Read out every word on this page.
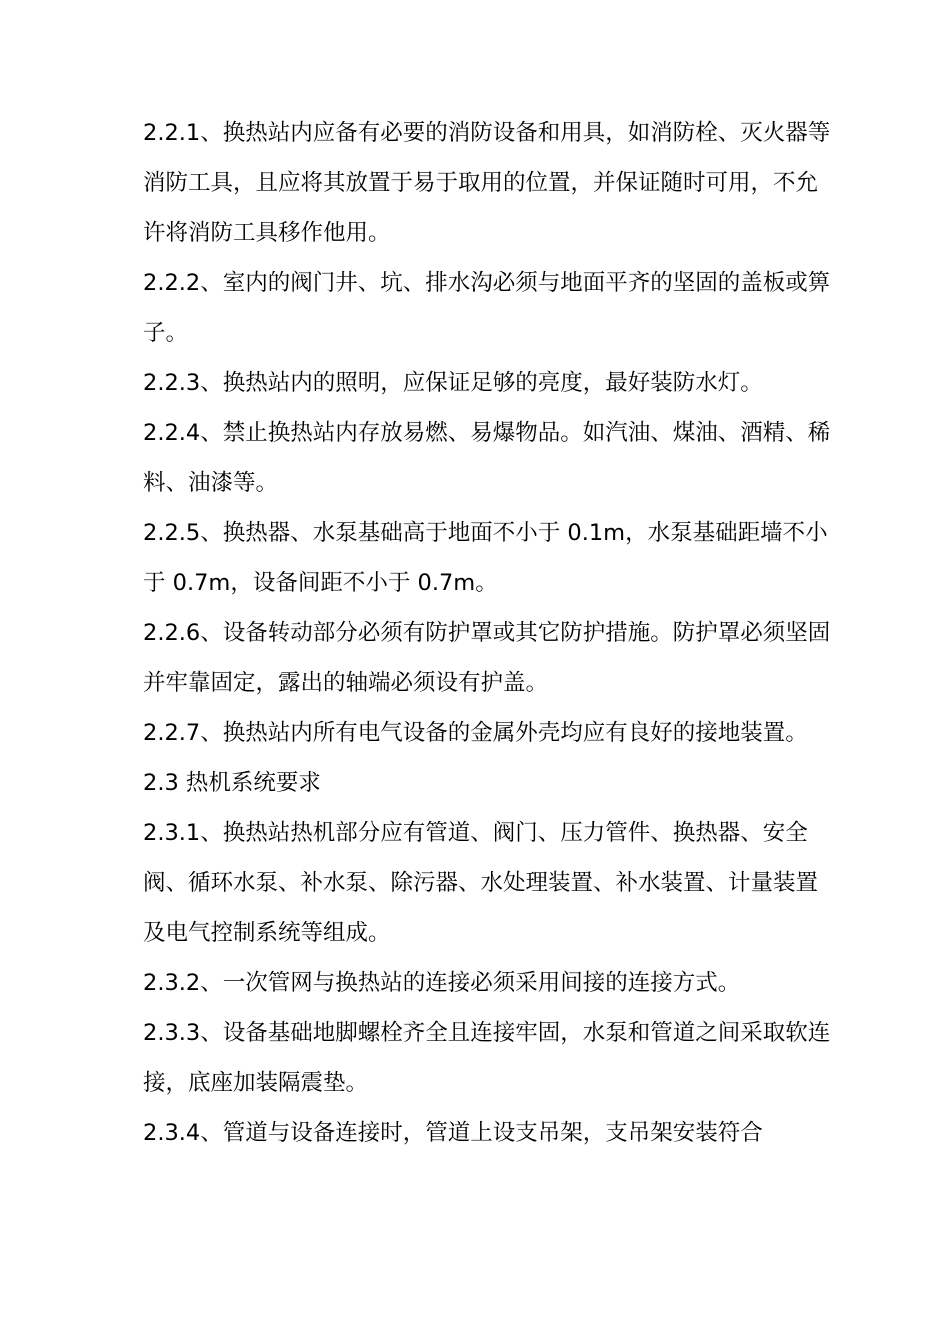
2.2.1、换热站内应备有必要的消防设备和用具，如消防栓、灭火器等消防工具，且应将其放置于易于取用的位置，并保证随时可用，不允许将消防工具移作他用。

2.2.2、室内的阀门井、坑、排水沟必须与地面平齐的坚固的盖板或箅子。

2.2.3、换热站内的照明，应保证足够的亮度，最好装防水灯。

2.2.4、禁止换热站内存放易燃、易爆物品。如汽油、煤油、酒精、稀料、油漆等。

2.2.5、换热器、水泵基础高于地面不小于 0.1m，水泵基础距墙不小于 0.7m，设备间距不小于 0.7m。

2.2.6、设备转动部分必须有防护罩或其它防护措施。防护罩必须坚固并牢靠固定，露出的轴端必须设有护盖。

2.2.7、换热站内所有电气设备的金属外壳均应有良好的接地装置。

2.3 热机系统要求

2.3.1、换热站热机部分应有管道、阀门、压力管件、换热器、安全阀、循环水泵、补水泵、除污器、水处理装置、补水装置、计量装置及电气控制系统等组成。

2.3.2、一次管网与换热站的连接必须采用间接的连接方式。

2.3.3、设备基础地脚螺栓齐全且连接牢固，水泵和管道之间采取软连接，底座加装隔震垫。

2.3.4、管道与设备连接时，管道上设支吊架，支吊架安装符合
